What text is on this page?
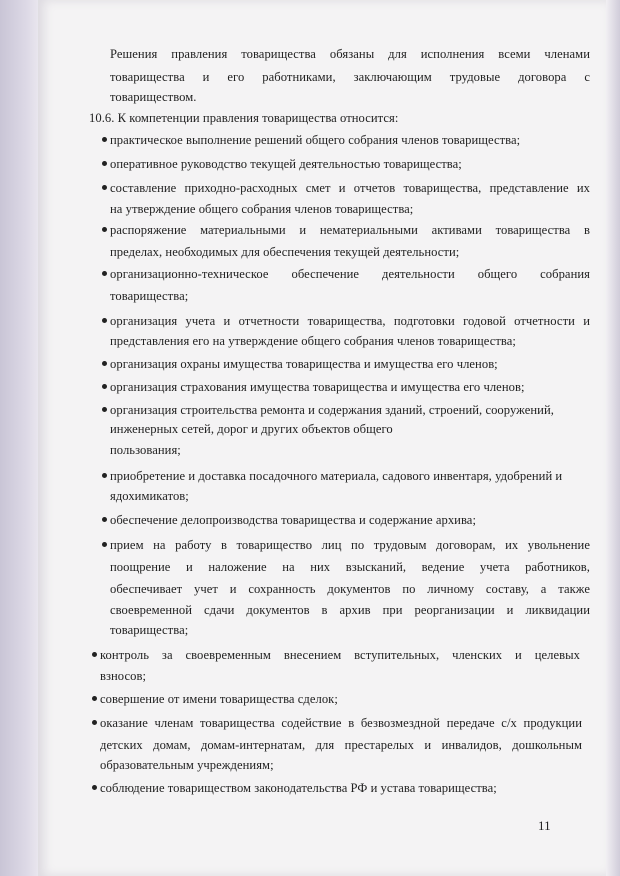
Решения правления товарищества обязаны для исполнения всеми членами
товарищества и его работниками, заключающим трудовые договора с
товариществом.
10.6. К компетенции правления товарищества относится:
практическое выполнение решений общего собрания членов товарищества;
оперативное руководство текущей деятельностью товарищества;
составление приходно-расходных смет и отчетов товарищества, представление их
на утверждение общего собрания членов товарищества;
распоряжение материальными и нематериальными активами товарищества в
пределах, необходимых для обеспечения текущей деятельности;
организационно-техническое обеспечение деятельности общего собрания
товарищества;
организация учета и отчетности товарищества, подготовки годовой отчетности и
представления его на утверждение общего собрания членов товарищества;
организация охраны имущества товарищества и имущества его членов;
организация страхования имущества товарищества и имущества его членов;
организация строительства ремонта и содержания зданий, строений, сооружений,
инженерных сетей, дорог и других объектов общего
пользования;
приобретение и доставка посадочного материала, садового инвентаря, удобрений и
ядохимикатов;
обеспечение делопроизводства товарищества и содержание архива;
прием на работу в товарищество лиц по трудовым договорам, их увольнение
поощрение и наложение на них взысканий, ведение учета работников,
обеспечивает учет и сохранность документов по личному составу, а также
своевременной сдачи документов в архив при реорганизации и ликвидации
товарищества;
контроль за своевременным внесением вступительных, членских и целевых
взносов;
совершение от имени товарищества сделок;
оказание членам товарищества содействие в безвозмездной передаче с/х продукции
детских домам, домам-интернатам, для престарелых и инвалидов, дошкольным
образовательным учреждениям;
соблюдение товариществом законодательства РФ и устава товарищества;
11
